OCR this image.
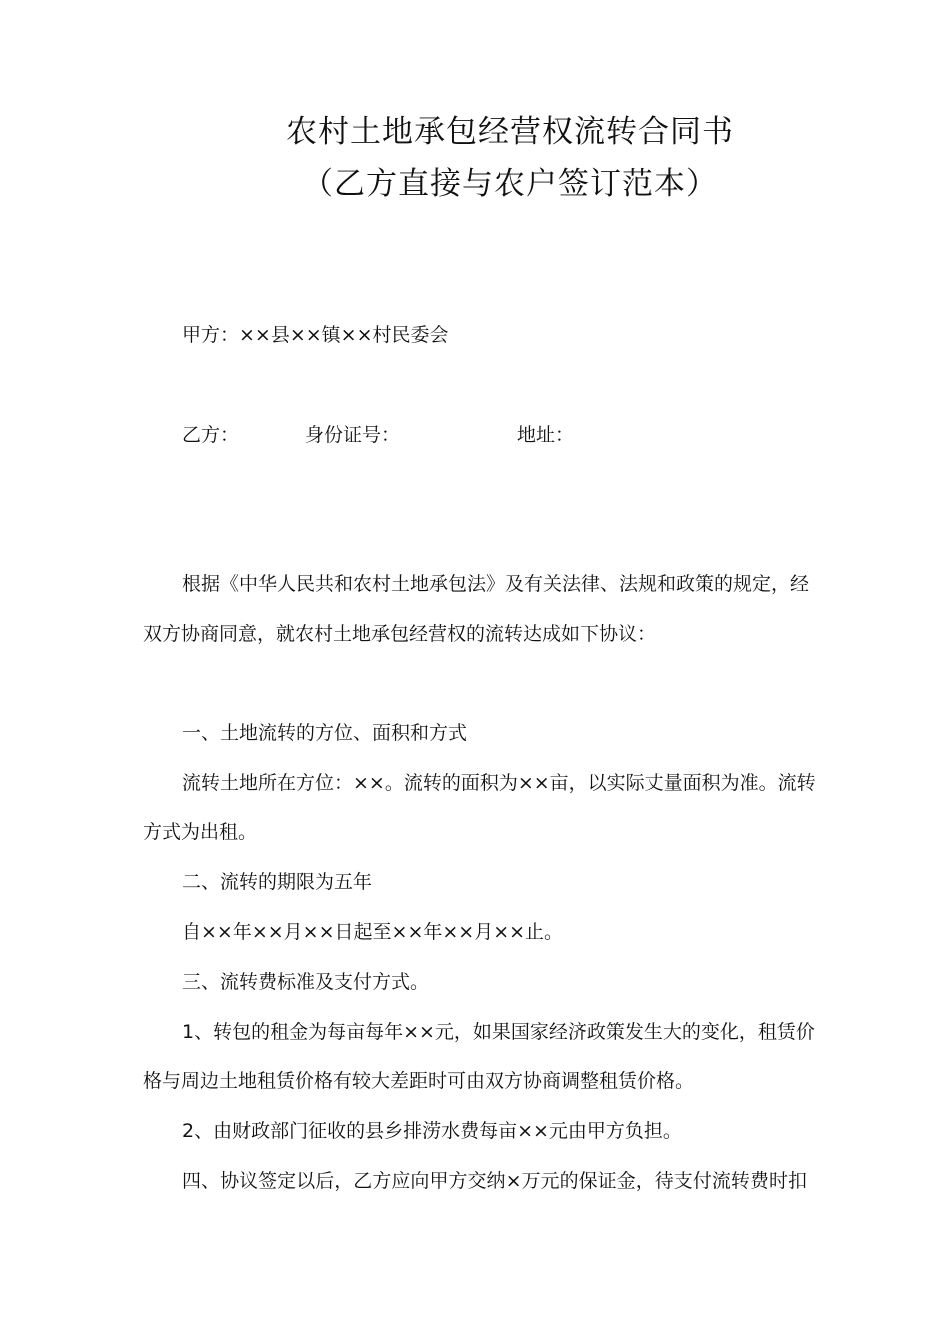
农村土地承包经营权流转合同书
（乙方直接与农户签订范本）
甲方：××县××镇××村民委会
乙方：	身份证号：	地址：
根据《中华人民共和农村土地承包法》及有关法律、法规和政策的规定，经
双方协商同意，就农村土地承包经营权的流转达成如下协议：
一、土地流转的方位、面积和方式
流转土地所在方位：××。流转的面积为××亩，以实际丈量面积为准。流转
方式为出租。
二、流转的期限为五年
自××年××月××日起至××年××月××止。
三、流转费标准及支付方式。
1、转包的租金为每亩每年××元，如果国家经济政策发生大的变化，租赁价
格与周边土地租赁价格有较大差距时可由双方协商调整租赁价格。
2、由财政部门征收的县乡排涝水费每亩××元由甲方负担。
四、协议签定以后，乙方应向甲方交纳×万元的保证金，待支付流转费时扣
